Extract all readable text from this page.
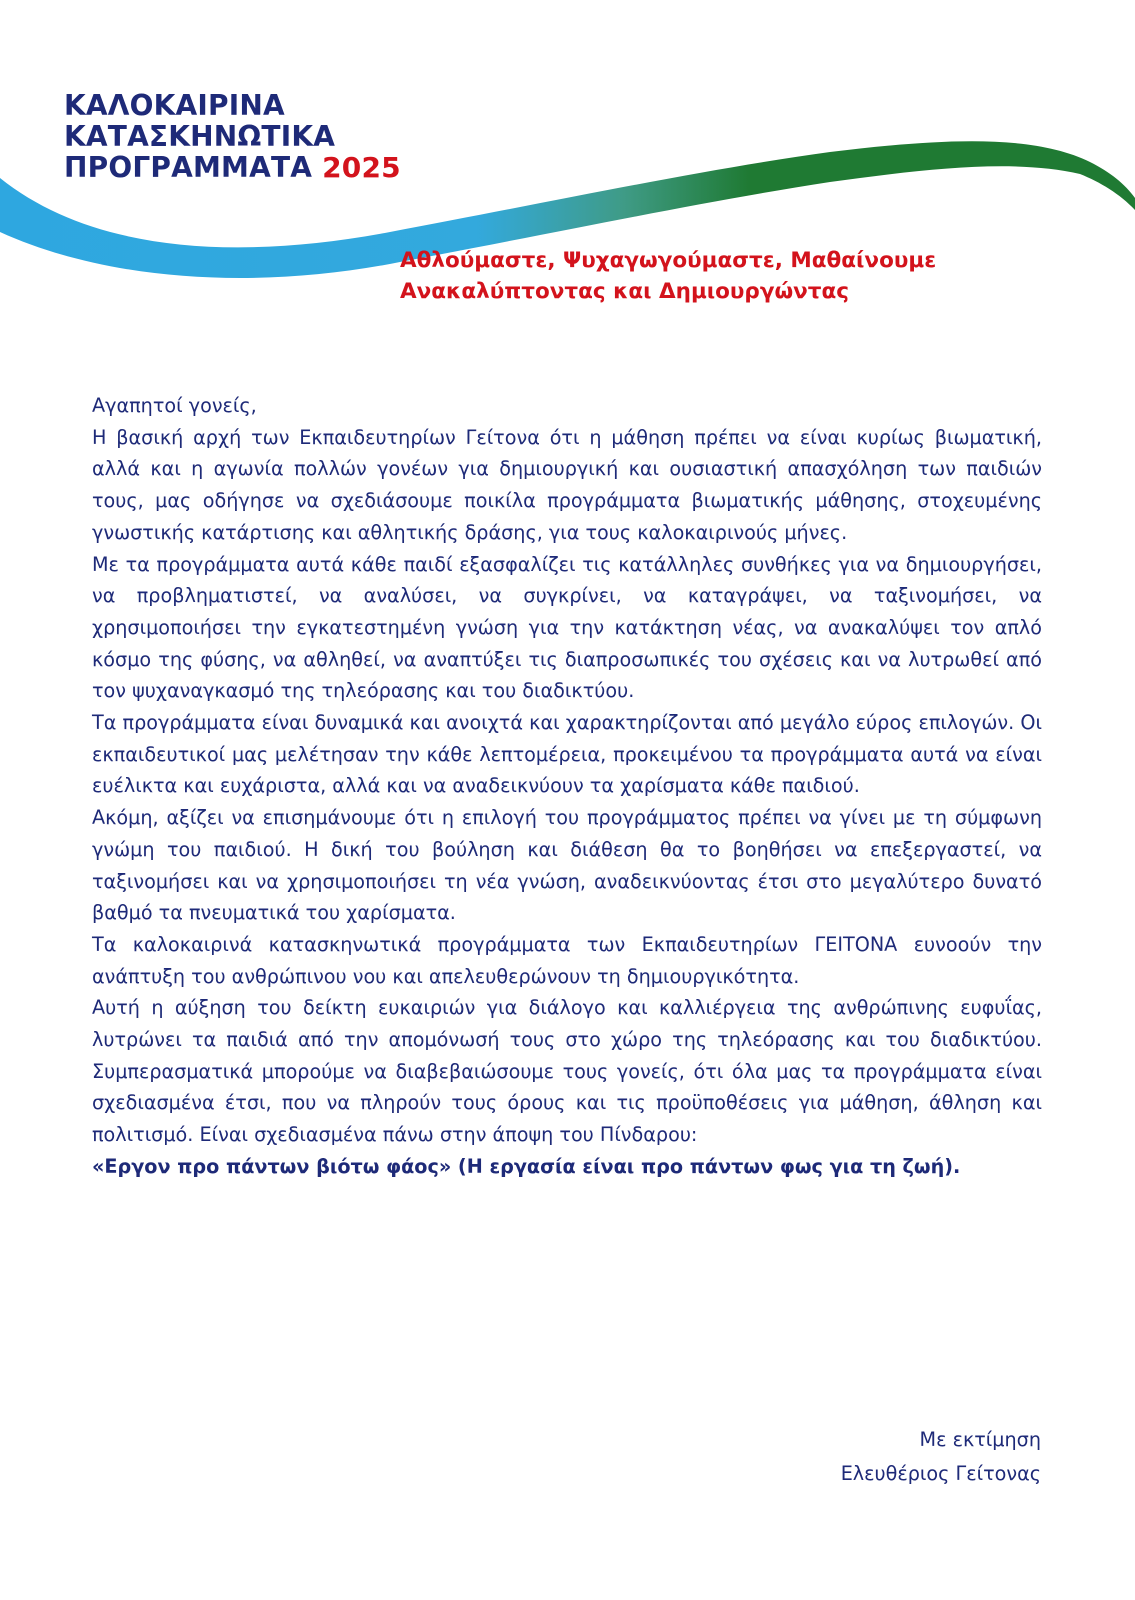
ΚΑΛΟΚΑΙΡΙΝΑ
ΚΑΤΑΣΚΗΝΩΤΙΚΑ
ΠΡΟΓΡΑΜΜΑΤΑ 2025
Αθλούμαστε, Ψυχαγωγούμαστε, Μαθαίνουμε
Ανακαλύπτοντας και Δημιουργώντας

Αγαπητοί γονείς,

Η βασική αρχή των Εκπαιδευτηρίων Γείτονα ότι η μάθηση πρέπει να είναι κυρίως βιωματική, αλλά και η αγωνία πολλών γονέων για δημιουργική και ουσιαστική απασχόληση των παιδιών τους, μας οδήγησε να σχεδιάσουμε ποικίλα προγράμματα βιωματικής μάθησης, στοχευμένης γνωστικής κατάρτισης και αθλητικής δράσης, για τους καλοκαιρινούς μήνες.

Με τα προγράμματα αυτά κάθε παιδί εξασφαλίζει τις κατάλληλες συνθήκες για να δημιουργήσει, να προβληματιστεί, να αναλύσει, να συγκρίνει, να καταγράψει, να ταξινομήσει, να χρησιμοποιήσει την εγκατεστημένη γνώση για την κατάκτηση νέας, να ανακαλύψει τον απλό κόσμο της φύσης, να αθληθεί, να αναπτύξει τις διαπροσωπικές του σχέσεις και να λυτρωθεί από τον ψυχαναγκασμό της τηλεόρασης και του διαδικτύου.

Τα προγράμματα είναι δυναμικά και ανοιχτά και χαρακτηρίζονται από μεγάλο εύρος επιλογών. Οι εκπαιδευτικοί μας μελέτησαν την κάθε λεπτομέρεια, προκειμένου τα προγράμματα αυτά να είναι ευέλικτα και ευχάριστα, αλλά και να αναδεικνύουν τα χαρίσματα κάθε παιδιού.

Ακόμη, αξίζει να επισημάνουμε ότι η επιλογή του προγράμματος πρέπει να γίνει με τη σύμφωνη γνώμη του παιδιού. Η δική του βούληση και διάθεση θα το βοηθήσει να επεξεργαστεί, να ταξινομήσει και να χρησιμοποιήσει τη νέα γνώση, αναδεικνύοντας έτσι στο μεγαλύτερο δυνατό βαθμό τα πνευματικά του χαρίσματα.

Τα καλοκαιρινά κατασκηνωτικά προγράμματα των Εκπαιδευτηρίων ΓΕΙΤΟΝΑ ευνοούν την ανάπτυξη του ανθρώπινου νου και απελευθερώνουν τη δημιουργικότητα.

Αυτή η αύξηση του δείκτη ευκαιριών για διάλογο και καλλιέργεια της ανθρώπινης ευφυΐας, λυτρώνει τα παιδιά από την απομόνωσή τους στο χώρο της τηλεόρασης και του διαδικτύου. Συμπερασματικά μπορούμε να διαβεβαιώσουμε τους γονείς, ότι όλα μας τα προγράμματα είναι σχεδιασμένα έτσι, που να πληρούν τους όρους και τις προϋποθέσεις για μάθηση, άθληση και πολιτισμό. Είναι σχεδιασμένα πάνω στην άποψη του Πίνδαρου:

«Εργον προ πάντων βιότω φάος» (Η εργασία είναι προ πάντων φως για τη ζωή).

Με εκτίμηση
Ελευθέριος Γείτονας
